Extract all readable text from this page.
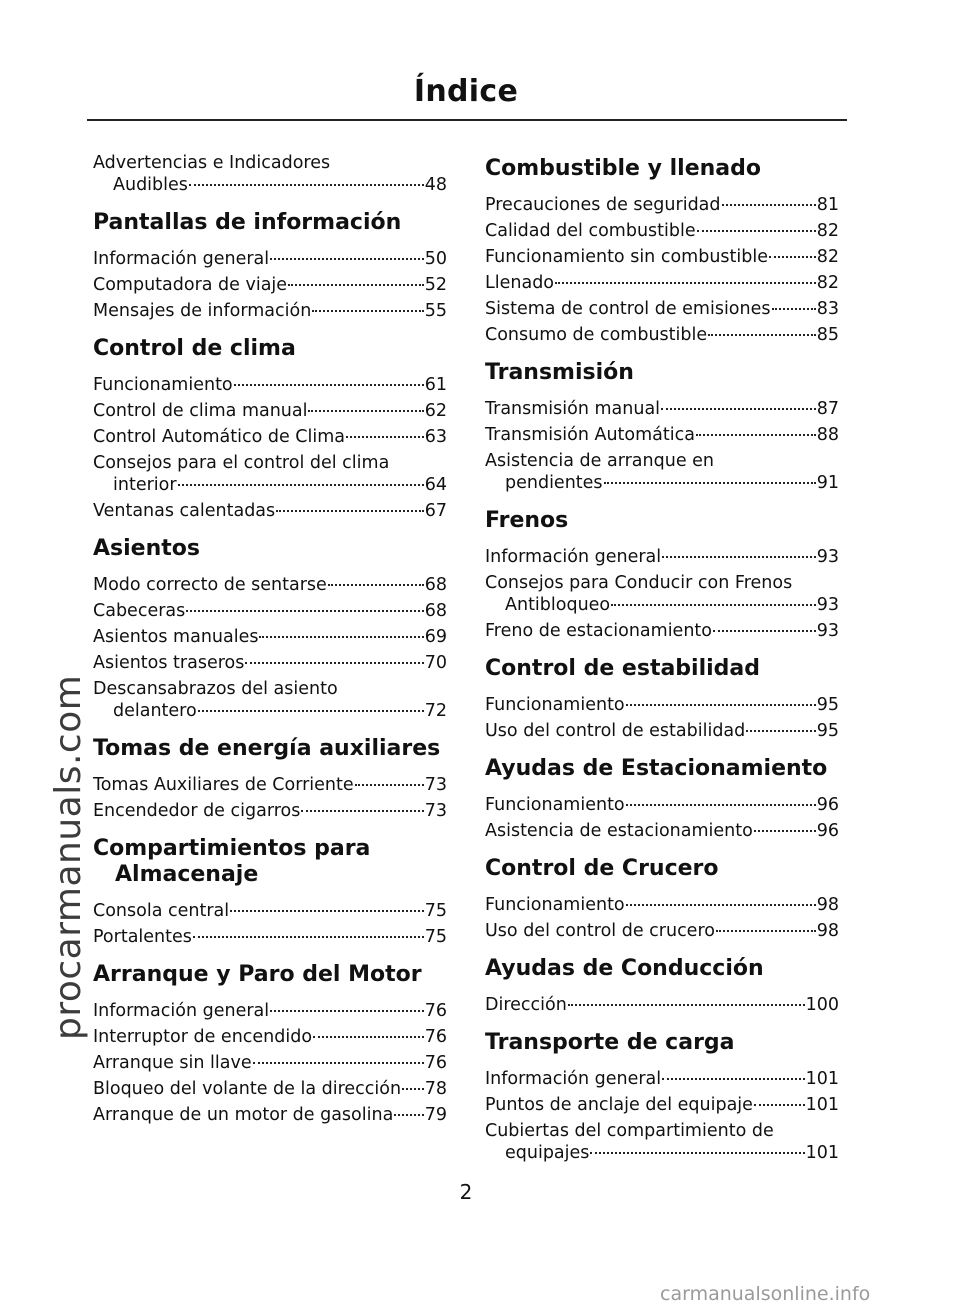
Índice
procarmanuals.com
Advertencias e Indicadores
Audibles	48
Pantallas de información
Información general	50
Computadora de viaje	52
Mensajes de información	55
Control de clima
Funcionamiento	61
Control de clima manual	62
Control Automático de Clima	63
Consejos para el control del clima
interior	64
Ventanas calentadas	67
Asientos
Modo correcto de sentarse	68
Cabeceras	68
Asientos manuales	69
Asientos traseros	70
Descansabrazos del asiento
delantero	72
Tomas de energía auxiliares
Tomas Auxiliares de Corriente	73
Encendedor de cigarros	73
Compartimientos para Almacenaje
Consola central	75
Portalentes	75
Arranque y Paro del Motor
Información general	76
Interruptor de encendido	76
Arranque sin llave	76
Bloqueo del volante de la dirección 78
Arranque de un motor de gasolina 79
Combustible y llenado
Precauciones de seguridad	81
Calidad del combustible	82
Funcionamiento sin combustible	82
Llenado	82
Sistema de control de emisiones	83
Consumo de combustible	85
Transmisión
Transmisión manual	87
Transmisión Automática	88
Asistencia de arranque en
pendientes	91
Frenos
Información general	93
Consejos para Conducir con Frenos
Antibloqueo	93
Freno de estacionamiento	93
Control de estabilidad
Funcionamiento	95
Uso del control de estabilidad	95
Ayudas de Estacionamiento
Funcionamiento	96
Asistencia de estacionamiento	96
Control de Crucero
Funcionamiento	98
Uso del control de crucero	98
Ayudas de Conducción
Dirección	100
Transporte de carga
Información general	101
Puntos de anclaje del equipaje	101
Cubiertas del compartimiento de
equipajes	101
2
carmanualsonline.info
